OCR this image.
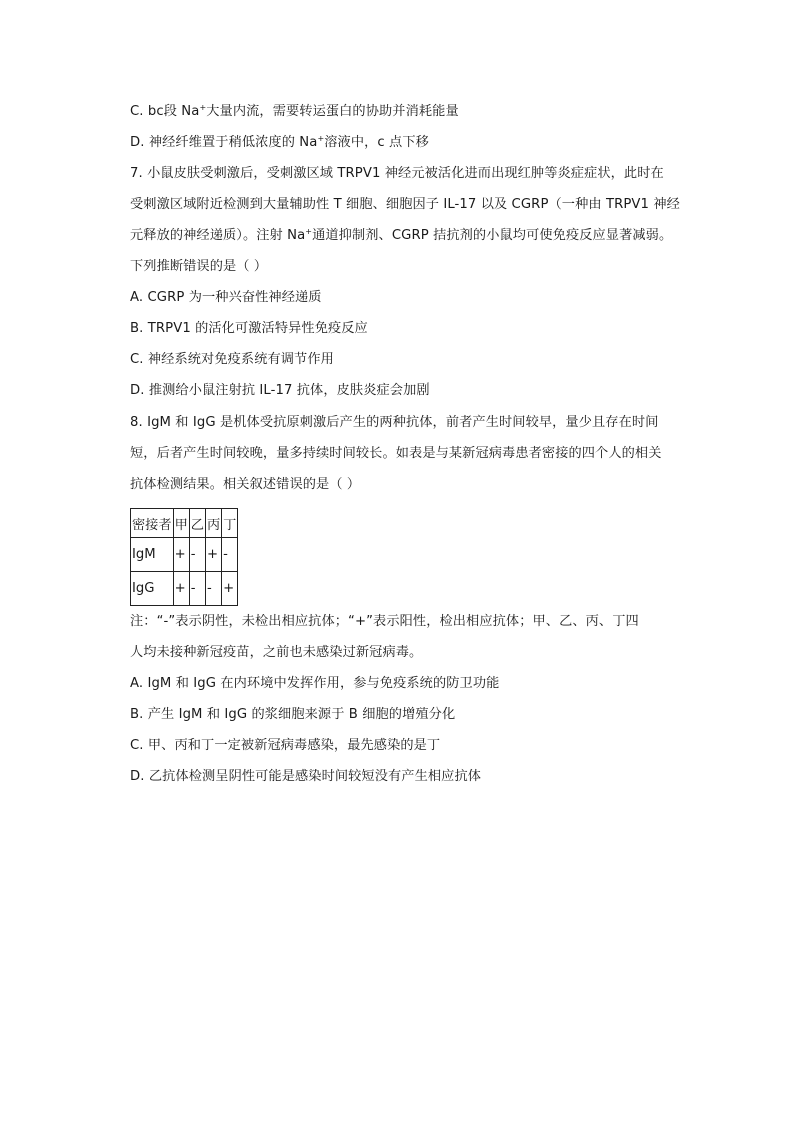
C. bc段 Na+大量内流，需要转运蛋白的协助并消耗能量
D. 神经纤维置于稍低浓度的 Na+溶液中，c 点下移
7. 小鼠皮肤受刺激后，受刺激区域 TRPV1 神经元被活化进而出现红肿等炎症症状，此时在
受刺激区域附近检测到大量辅助性 T 细胞、细胞因子 IL-17 以及 CGRP（一种由 TRPV1 神经
元释放的神经递质）。注射 Na+通道抑制剂、CGRP 拮抗剂的小鼠均可使免疫反应显著减弱。
下列推断错误的是（ ）
A. CGRP 为一种兴奋性神经递质
B. TRPV1 的活化可激活特异性免疫反应
C. 神经系统对免疫系统有调节作用
D. 推测给小鼠注射抗 IL-17 抗体，皮肤炎症会加剧
8. IgM 和 IgG 是机体受抗原刺激后产生的两种抗体，前者产生时间较早，量少且存在时间
短，后者产生时间较晚，量多持续时间较长。如表是与某新冠病毒患者密接的四个人的相关
抗体检测结果。相关叙述错误的是（ ）
密接者	甲	乙	丙	丁
IgM	+	-	+	-
IgG	+	-	-	+
注：“-”表示阴性，未检出相应抗体；“+”表示阳性，检出相应抗体；甲、乙、丙、丁四
人均未接种新冠疫苗，之前也未感染过新冠病毒。
A. IgM 和 IgG 在内环境中发挥作用，参与免疫系统的防卫功能
B. 产生 IgM 和 IgG 的浆细胞来源于 B 细胞的增殖分化
C. 甲、丙和丁一定被新冠病毒感染，最先感染的是丁
D. 乙抗体检测呈阴性可能是感染时间较短没有产生相应抗体
